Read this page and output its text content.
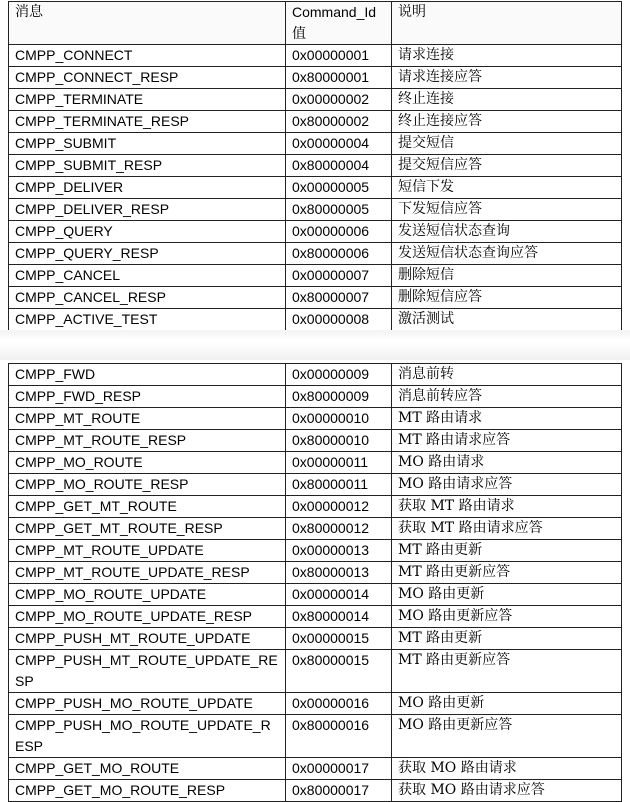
消息	Command_Id 值	说明
CMPP_CONNECT	0x00000001	请求连接
CMPP_CONNECT_RESP	0x80000001	请求连接应答
CMPP_TERMINATE	0x00000002	终止连接
CMPP_TERMINATE_RESP	0x80000002	终止连接应答
CMPP_SUBMIT	0x00000004	提交短信
CMPP_SUBMIT_RESP	0x80000004	提交短信应答
CMPP_DELIVER	0x00000005	短信下发
CMPP_DELIVER_RESP	0x80000005	下发短信应答
CMPP_QUERY	0x00000006	发送短信状态查询
CMPP_QUERY_RESP	0x80000006	发送短信状态查询应答
CMPP_CANCEL	0x00000007	删除短信
CMPP_CANCEL_RESP	0x80000007	删除短信应答
CMPP_ACTIVE_TEST	0x00000008	激活测试

CMPP_FWD	0x00000009	消息前转
CMPP_FWD_RESP	0x80000009	消息前转应答
CMPP_MT_ROUTE	0x00000010	MT 路由请求
CMPP_MT_ROUTE_RESP	0x80000010	MT 路由请求应答
CMPP_MO_ROUTE	0x00000011	MO 路由请求
CMPP_MO_ROUTE_RESP	0x80000011	MO 路由请求应答
CMPP_GET_MT_ROUTE	0x00000012	获取 MT 路由请求
CMPP_GET_MT_ROUTE_RESP	0x80000012	获取 MT 路由请求应答
CMPP_MT_ROUTE_UPDATE	0x00000013	MT 路由更新
CMPP_MT_ROUTE_UPDATE_RESP	0x80000013	MT 路由更新应答
CMPP_MO_ROUTE_UPDATE	0x00000014	MO 路由更新
CMPP_MO_ROUTE_UPDATE_RESP	0x80000014	MO 路由更新应答
CMPP_PUSH_MT_ROUTE_UPDATE	0x00000015	MT 路由更新
CMPP_PUSH_MT_ROUTE_UPDATE_RESP	0x80000015	MT 路由更新应答
CMPP_PUSH_MO_ROUTE_UPDATE	0x00000016	MO 路由更新
CMPP_PUSH_MO_ROUTE_UPDATE_RESP	0x80000016	MO 路由更新应答
CMPP_GET_MO_ROUTE	0x00000017	获取 MO 路由请求
CMPP_GET_MO_ROUTE_RESP	0x80000017	获取 MO 路由请求应答
